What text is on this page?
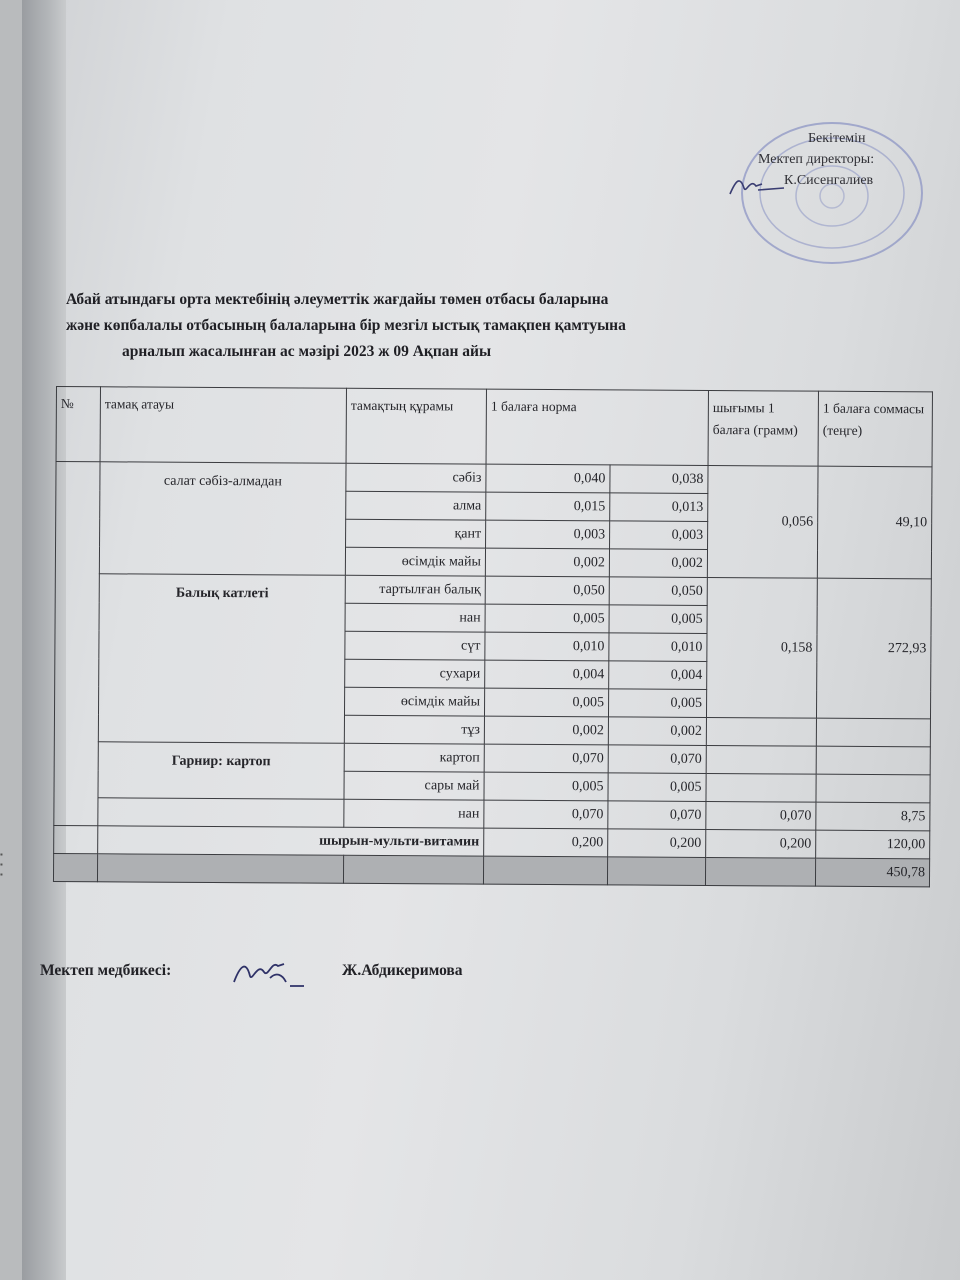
▪
▪
▪
Бекітемін
Мектеп директоры:
К.Сисенгалиев
Абай атындағы орта мектебінің әлеуметтік жағдайы төмен отбасы баларына
және көпбалалы отбасының балаларына бір мезгіл ыстық тамақпен қамтуына
арналып жасалынған ас мәзірі 2023 ж 09 Ақпан айы
№	тамақ атауы	тамақтың құрамы	1 балаға норма		шығымы 1 балаға (грамм)	1 балаға соммасы (теңге)
	салат сәбіз-алмадан	сәбіз	0,040	0,038	0,056	49,10
		алма	0,015	0,013		
		қант	0,003	0,003		
		өсімдік майы	0,002	0,002		
	Балық катлеті	тартылған балық	0,050	0,050	0,158	272,93
		нан	0,005	0,005		
		сүт	0,010	0,010		
		сухари	0,004	0,004		
		өсімдік майы	0,005	0,005		
		тұз	0,002	0,002		
	Гарнир: картоп	картоп	0,070	0,070		
		сары май	0,005	0,005		
		нан	0,070	0,070	0,070	8,75
	шырын-мульти-витамин		0,200	0,200	0,200	120,00
						450,78
Мектеп медбикесі:	Ж.Абдикеримова
